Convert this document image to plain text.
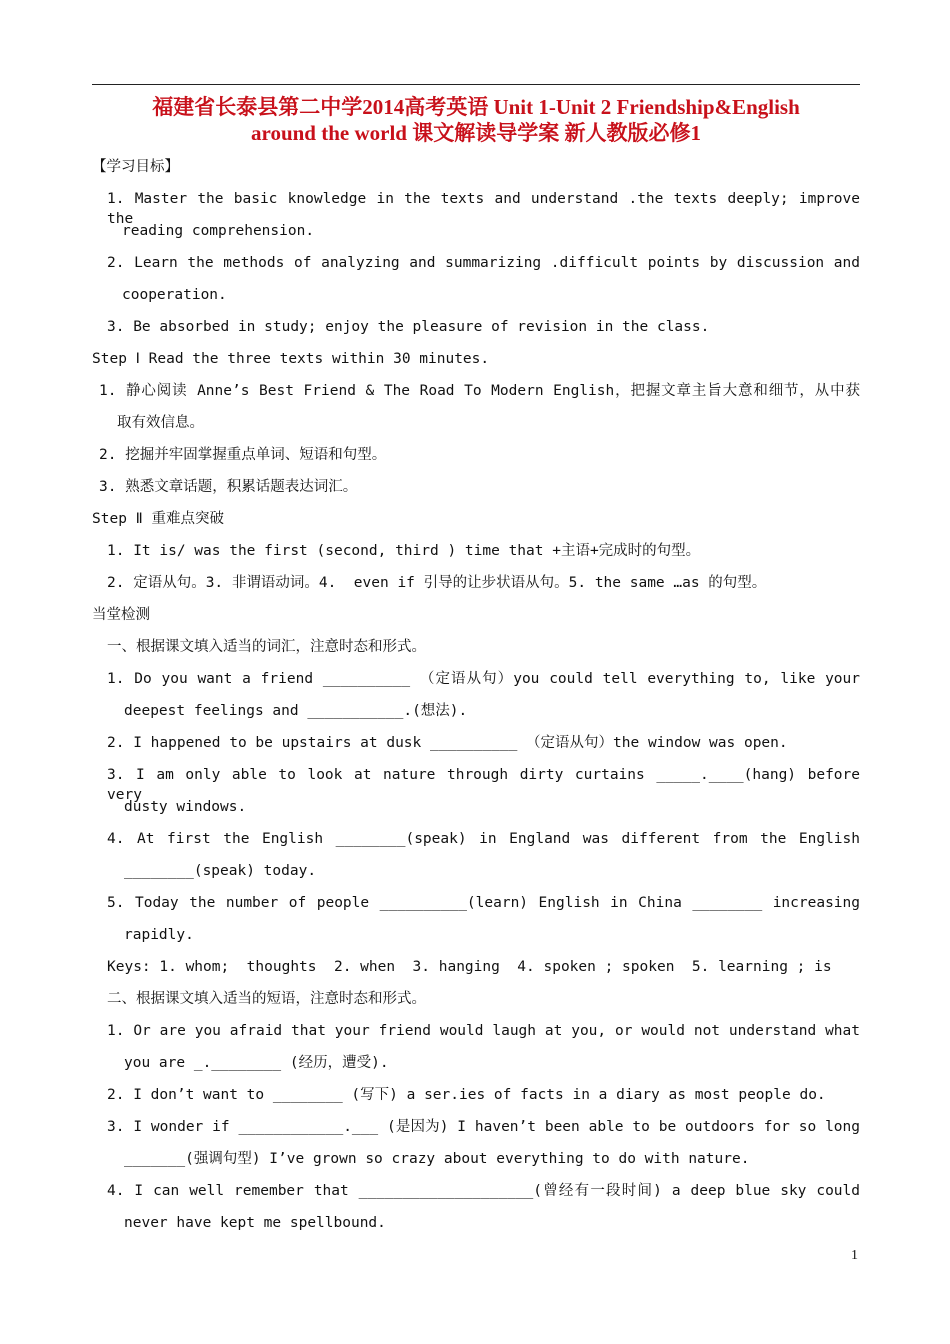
福建省长泰县第二中学2014高考英语 Unit 1-Unit 2 Friendship&English
around the world 课文解读导学案 新人教版必修1
【学习目标】
1. Master the basic knowledge in the texts and understand .the texts deeply; improve the
reading comprehension.
2. Learn the methods of analyzing and summarizing .difficult points by discussion and
cooperation.
3. Be absorbed in study; enjoy the pleasure of revision in the class.
Step Ⅰ Read the three texts within 30 minutes.
1. 静心阅读 Anne’s Best Friend & The Road To Modern English，把握文章主旨大意和细节，从中获
取有效信息。
2. 挖掘并牢固掌握重点单词、短语和句型。
3. 熟悉文章话题，积累话题表达词汇。
Step Ⅱ 重难点突破
1. It is/ was the first (second, third ) time that +主语+完成时的句型。
2. 定语从句。3. 非谓语动词。4.  even if 引导的让步状语从句。5. the same …as 的句型。
当堂检测
一、根据课文填入适当的词汇，注意时态和形式。
1. Do you want a friend __________ （定语从句）you could tell everything to, like your
deepest feelings and ___________.(想法).
2. I happened to be upstairs at dusk __________ （定语从句）the window was open.
3. I am only able to look at nature through dirty curtains _____.____(hang) before very
dusty windows.
4. At first the English ________(speak) in England was different from the English
________(speak) today.
5. Today the number of people __________(learn) English in China ________ increasing
rapidly.
Keys: 1. whom;  thoughts  2. when  3. hanging  4. spoken ; spoken  5. learning ; is
二、根据课文填入适当的短语，注意时态和形式。
1. Or are you afraid that your friend would laugh at you, or would not understand what
you are _.________ (经历，遭受).
2. I don’t want to ________ (写下) a ser.ies of facts in a diary as most people do.
3. I wonder if ____________.___ (是因为) I haven’t been able to be outdoors for so long
_______(强调句型) I’ve grown so crazy about everything to do with nature.
4. I can well remember that ____________________(曾经有一段时间) a deep blue sky could
never have kept me spellbound.
1
